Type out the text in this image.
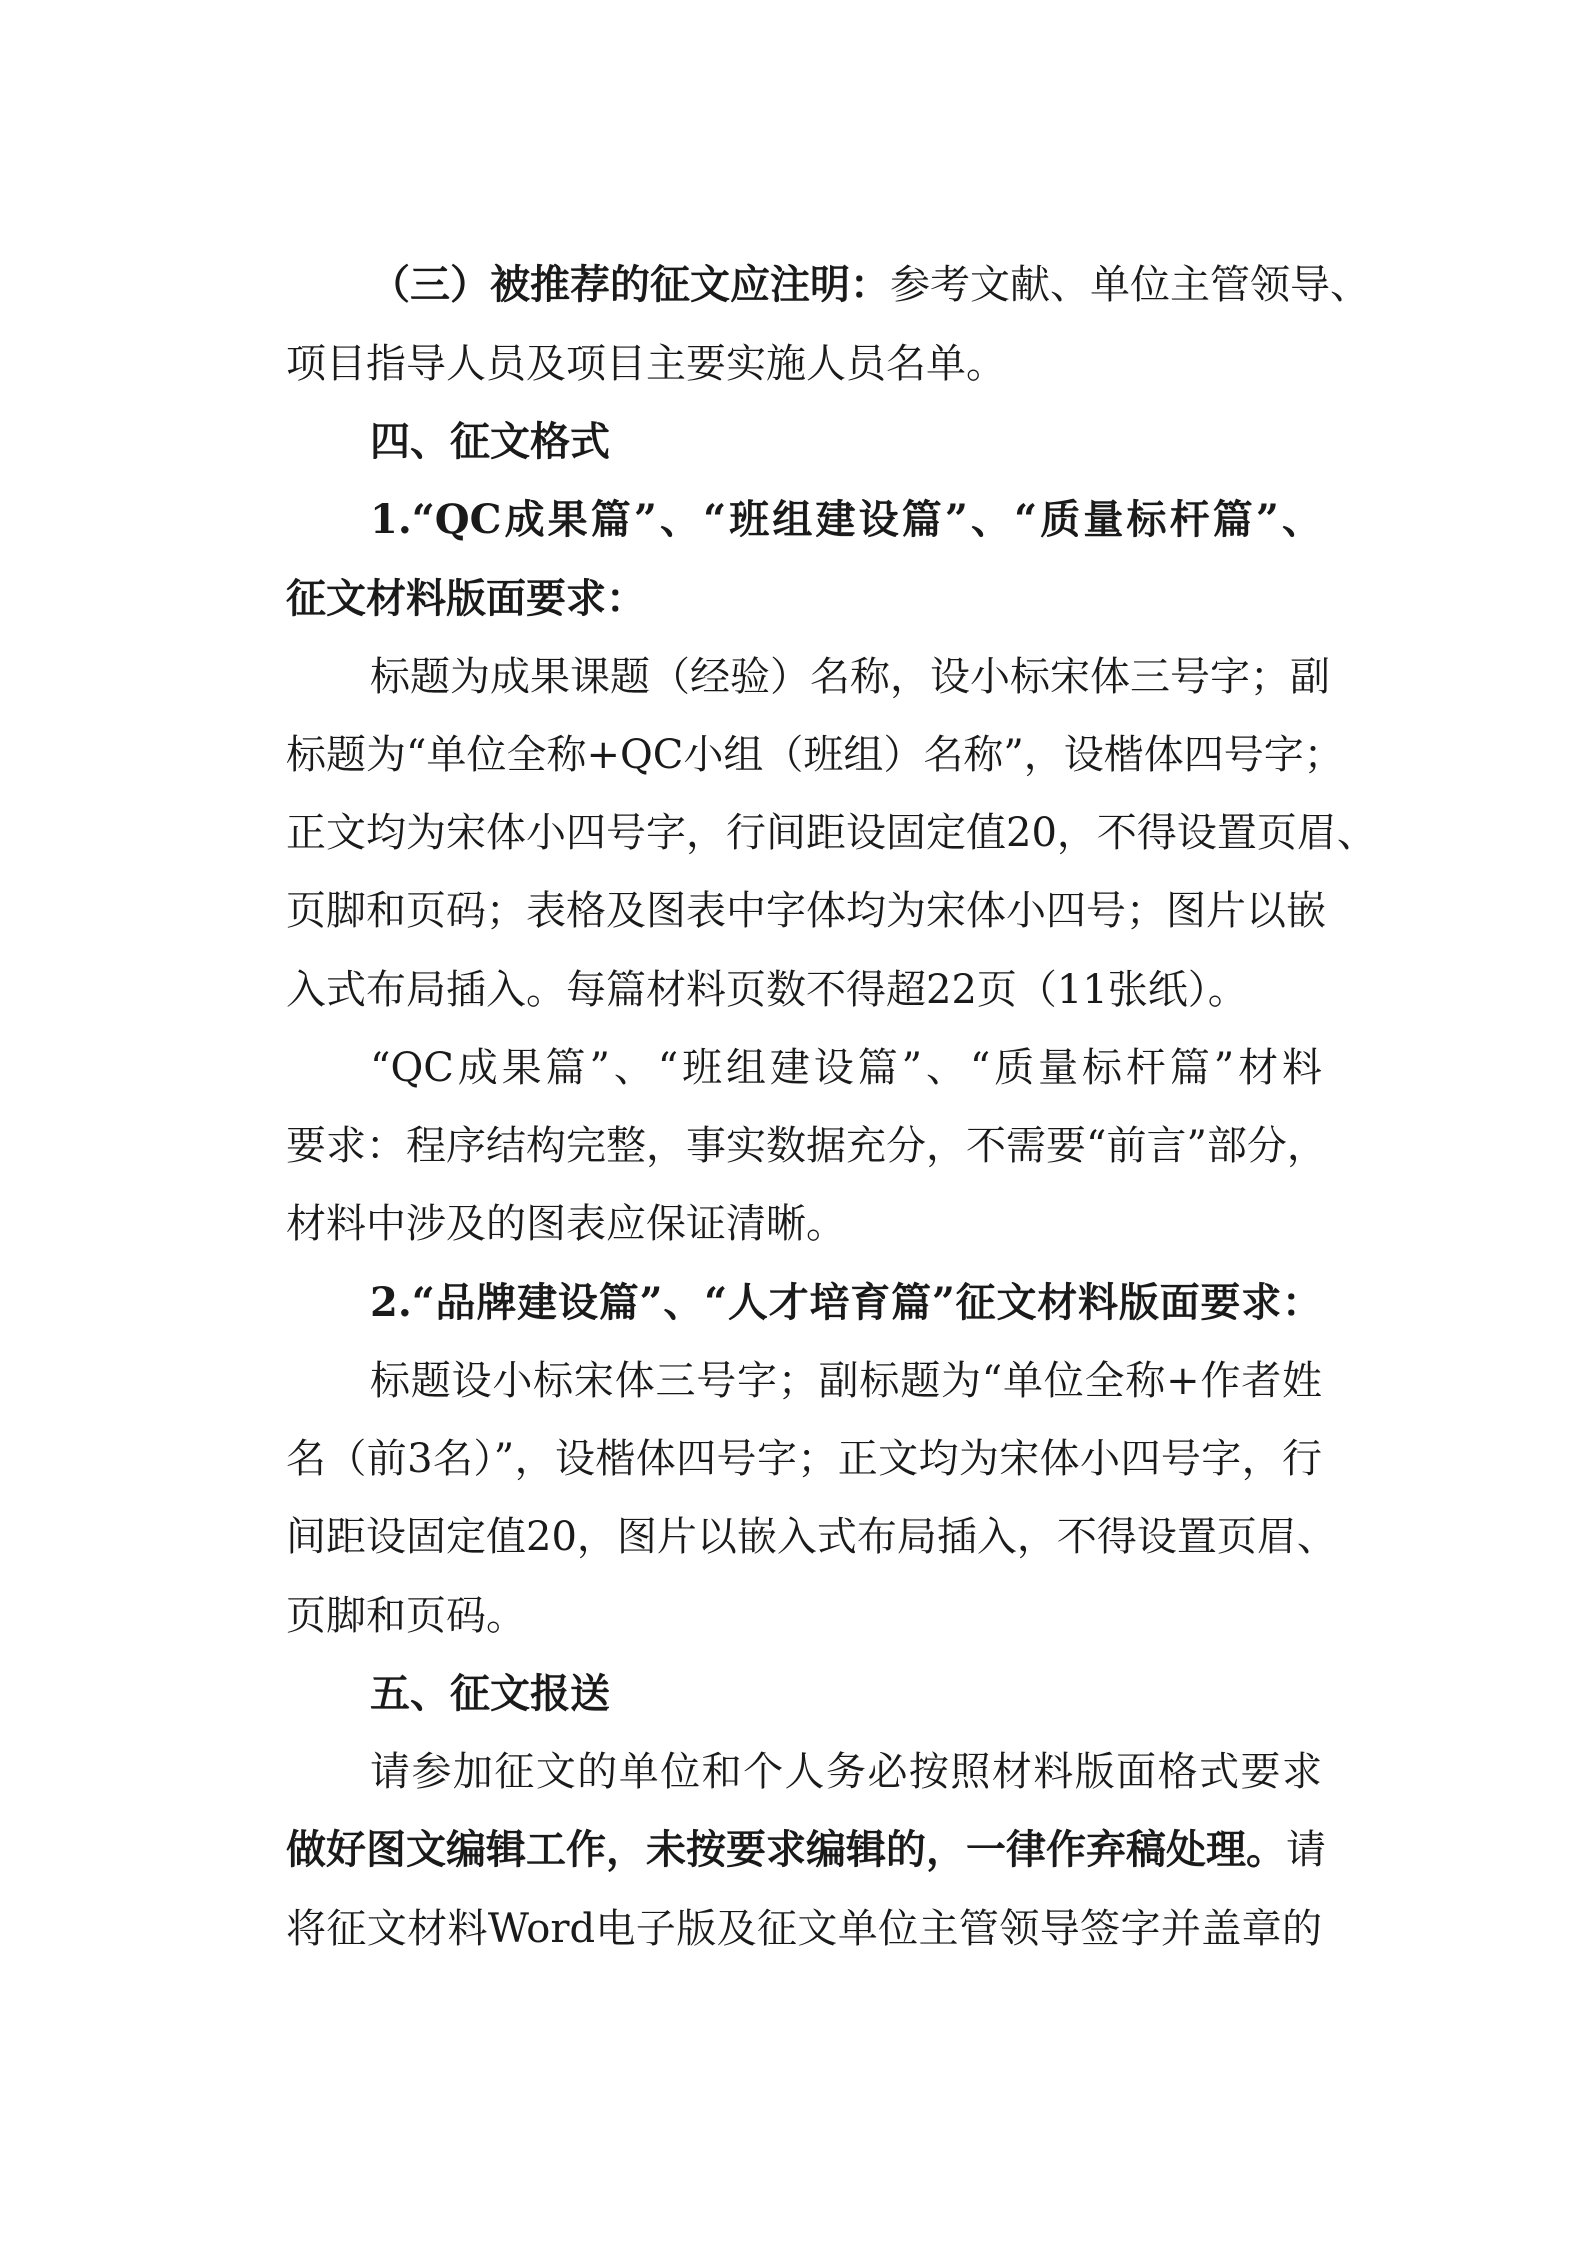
（三）被推荐的征文应注明：参考文献、单位主管领导、

项目指导人员及项目主要实施人员名单。

四、征文格式

1.“QC成果篇”、“班组建设篇”、“质量标杆篇”、

征文材料版面要求：

标题为成果课题（经验）名称，设小标宋体三号字；副

标题为“单位全称+QC小组（班组）名称”，设楷体四号字；

正文均为宋体小四号字，行间距设固定值20，不得设置页眉、

页脚和页码；表格及图表中字体均为宋体小四号；图片以嵌

入式布局插入。每篇材料页数不得超22页（11张纸）。

“QC成果篇”、“班组建设篇”、“质量标杆篇”材料

要求：程序结构完整，事实数据充分，不需要“前言”部分，

材料中涉及的图表应保证清晰。

2.“品牌建设篇”、“人才培育篇”征文材料版面要求：

标题设小标宋体三号字；副标题为“单位全称+作者姓

名（前3名）”，设楷体四号字；正文均为宋体小四号字，行

间距设固定值20，图片以嵌入式布局插入，不得设置页眉、

页脚和页码。

五、征文报送

请参加征文的单位和个人务必按照材料版面格式要求

做好图文编辑工作，未按要求编辑的，一律作弃稿处理。请

将征文材料Word电子版及征文单位主管领导签字并盖章的
